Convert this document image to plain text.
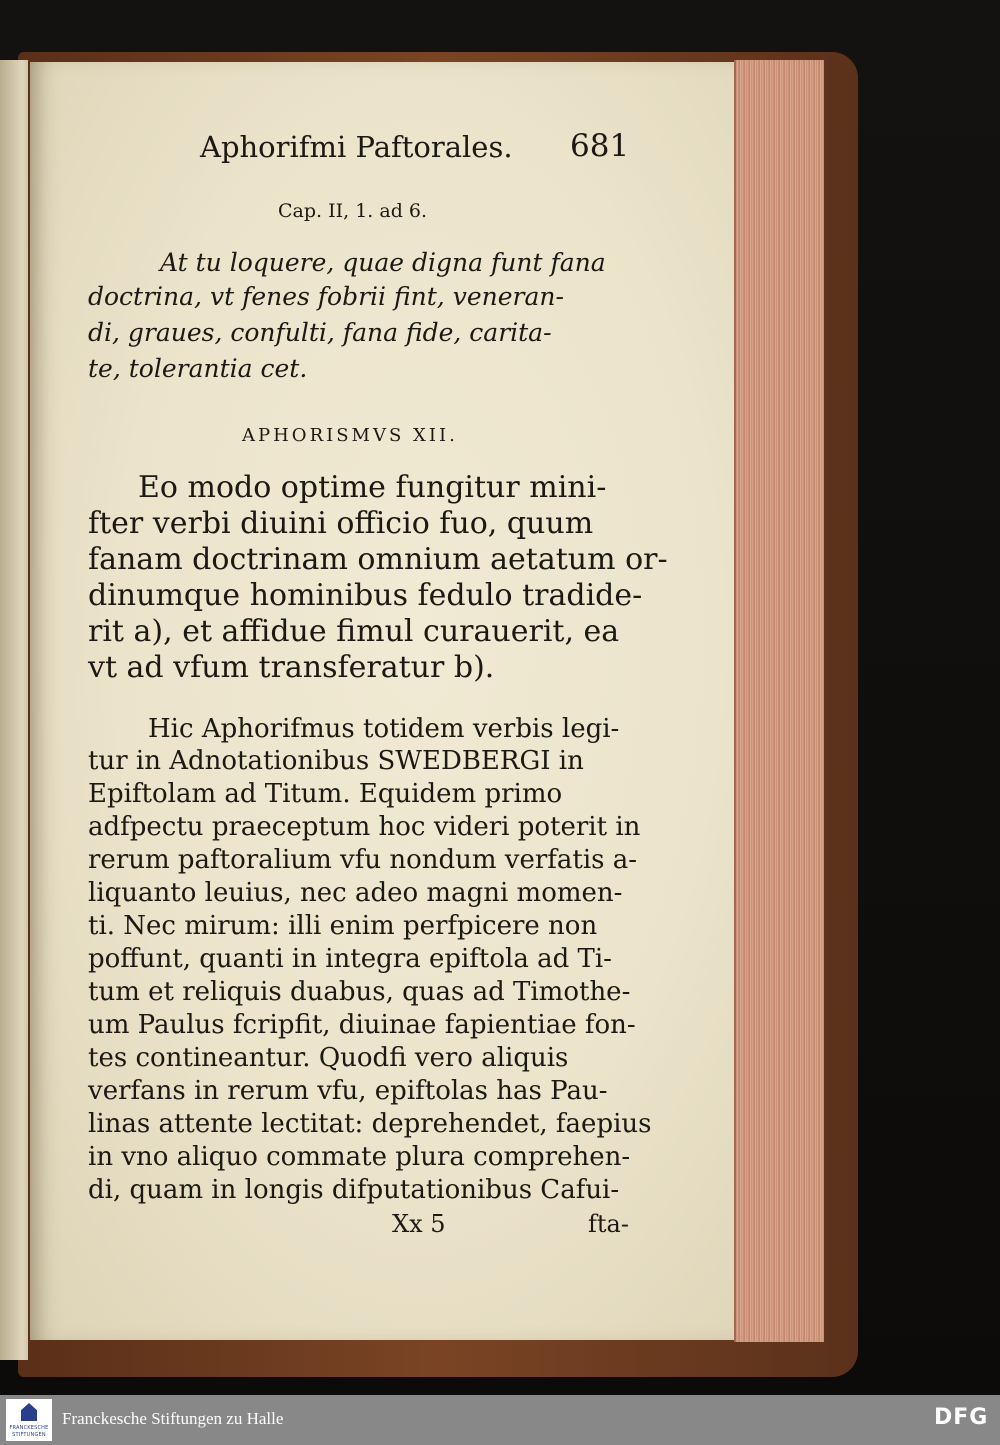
Aphorifmi Paftorales. 681
Cap. II, 1. ad 6.
At tu loquere, quae digna funt fana
doctrina, vt fenes fobrii fint, veneran-
di, graues, confulti, fana fide, carita-
te, tolerantia cet.
APHORISMVS XII.
Eo modo optime fungitur mini-
fter verbi diuini officio fuo, quum
fanam doctrinam omnium aetatum or-
dinumque hominibus fedulo tradide-
rit a), et affidue fimul curauerit, ea
vt ad vfum transferatur b).
Hic Aphorifmus totidem verbis legi-
tur in Adnotationibus SWEDBERGI in
Epiftolam ad Titum. Equidem primo
adfpectu praeceptum hoc videri poterit in
rerum paftoralium vfu nondum verfatis a-
liquanto leuius, nec adeo magni momen-
ti. Nec mirum: illi enim perfpicere non
poffunt, quanti in integra epiftola ad Ti-
tum et reliquis duabus, quas ad Timothe-
um Paulus fcripfit, diuinae fapientiae fon-
tes contineantur. Quodfi vero aliquis
verfans in rerum vfu, epiftolas has Pau-
linas attente lectitat: deprehendet, faepius
in vno aliquo commate plura comprehen-
di, quam in longis difputationibus Cafui-
Xx 5	fta-
FRANCKESCHE
STIFTUNGEN
Franckesche Stiftungen zu Halle	DFG
